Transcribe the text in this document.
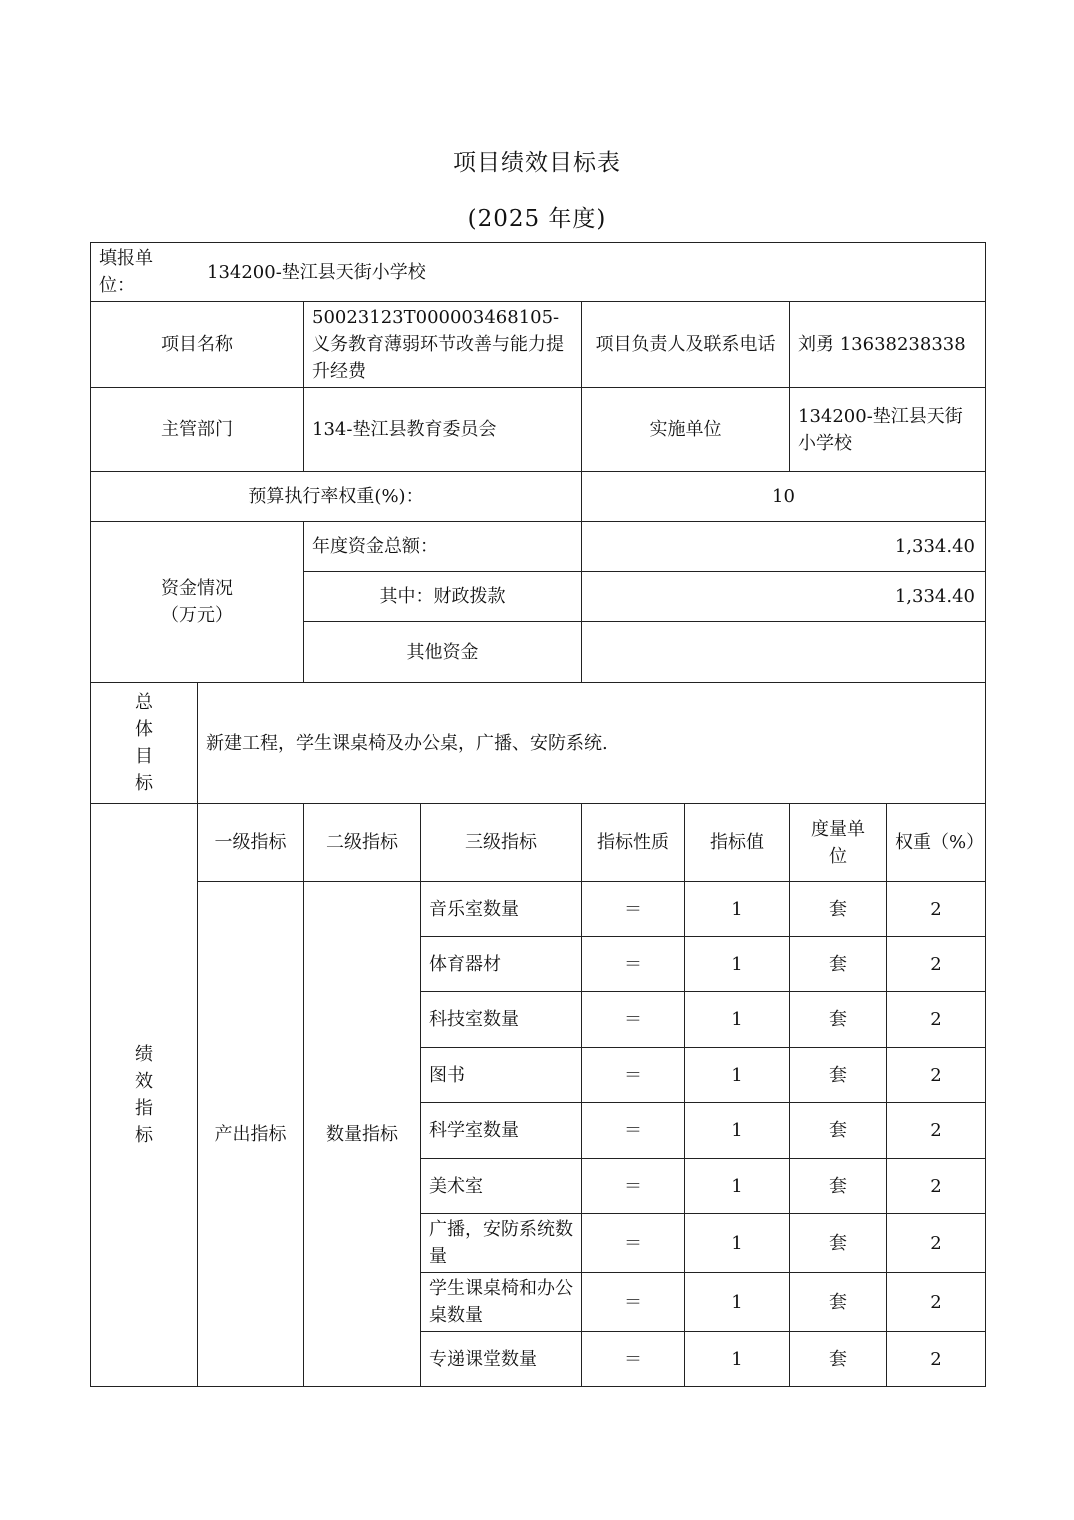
项目绩效目标表
(2025 年度)
填报单位：
134200-垫江县天街小学校							

项目名称		50023123T000003468105-义务教育薄弱环节改善与能力提升经费		项目负责人及联系电话		刘勇 13638238338	
主管部门		134-垫江县教育委员会		实施单位		134200-垫江县天街小学校	
预算执行率权重(%)：				10			

资金情况
（万元）		年度资金总额：		1,334.40			
		其中：财政拨款		1,334.40			
		其他资金					

总
体
目
标	新建工程，学生课桌椅及办公桌，广播、安防系统.						

绩
效
指
标	一级指标	二级指标	三级指标	指标性质	指标值	度量单位	权重（%）
	产出指标	数量指标	音乐室数量	＝	1	套	2
			体育器材	＝	1	套	2
			科技室数量	＝	1	套	2
			图书	＝	1	套	2
			科学室数量	＝	1	套	2
			美术室	＝	1	套	2
			广播，安防系统数量	＝	1	套	2
			学生课桌椅和办公桌数量	＝	1	套	2
			专递课堂数量	＝	1	套	2
